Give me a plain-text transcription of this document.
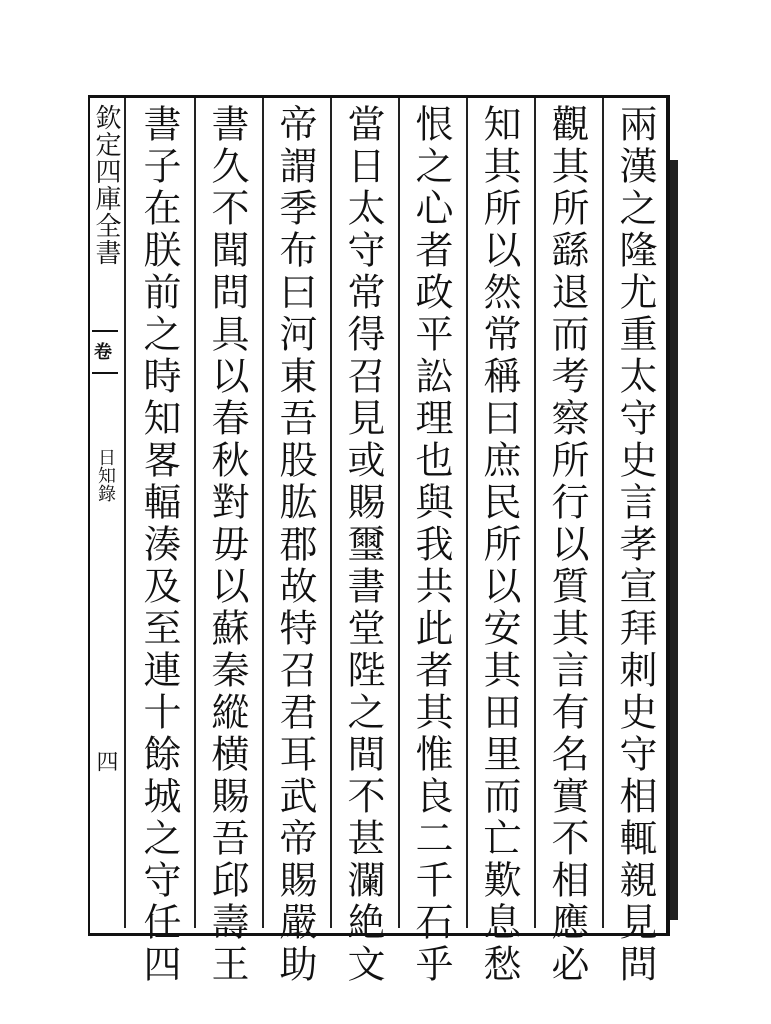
欽定四庫全書
卷
日知錄
四	兩漢之隆尤重太守史言孝宣拜刺史守相輒親見問
觀其所繇退而考察所行以質其言有名實不相應必
知其所以然常稱曰庶民所以安其田里而亡歎息愁
恨之心者政平訟理也與我共此者其惟良二千石乎
當日太守常得召見或賜璽書堂陛之間不甚瀾絶文
帝謂季布曰河東吾股肱郡故特召君耳武帝賜嚴助
書久不聞問具以春秋對毋以蘇秦縱横賜吾邱壽王
書子在朕前之時知畧輻湊及至連十餘城之守任四
